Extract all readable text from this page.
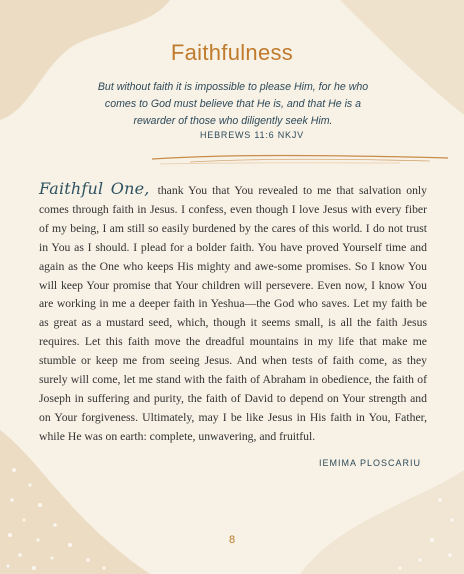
Faithfulness
But without faith it is impossible to please Him, for he who comes to God must believe that He is, and that He is a rewarder of those who diligently seek Him.
HEBREWS 11:6 NKJV
Faithful One, thank You that You revealed to me that salvation only comes through faith in Jesus. I confess, even though I love Jesus with every fiber of my being, I am still so easily burdened by the cares of this world. I do not trust in You as I should. I plead for a bolder faith. You have proved Yourself time and again as the One who keeps His mighty and awe-some promises. So I know You will keep Your promise that Your children will persevere. Even now, I know You are working in me a deeper faith in Yeshua—the God who saves. Let my faith be as great as a mustard seed, which, though it seems small, is all the faith Jesus requires. Let this faith move the dreadful mountains in my life that make me stumble or keep me from seeing Jesus. And when tests of faith come, as they surely will come, let me stand with the faith of Abraham in obedience, the faith of Joseph in suffering and purity, the faith of David to depend on Your strength and on Your forgiveness. Ultimately, may I be like Jesus in His faith in You, Father, while He was on earth: complete, unwavering, and fruitful.
IEMIMA PLOSCARIU
8
